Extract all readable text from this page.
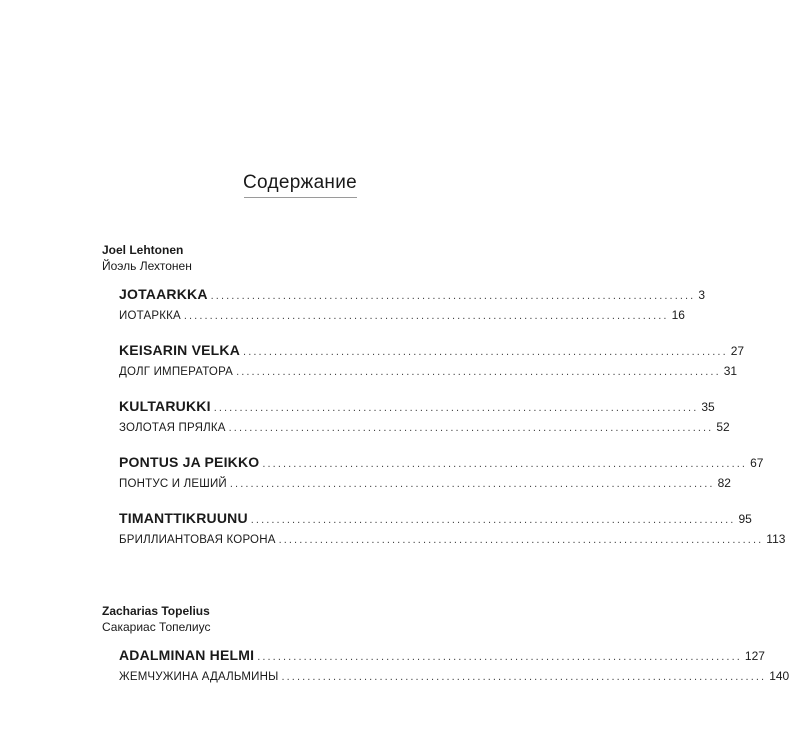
Содержание
Joel Lehtonen
Йоэль Лехтонен
JOTAARKKA .............................................................................................. 3
ИОТАРККА .............................................................................................. 16
KEISARIN VELKA .............................................................................................. 27
ДОЛГ ИМПЕРАТОРА .............................................................................................. 31
KULTARUKKI .............................................................................................. 35
ЗОЛОТАЯ ПРЯЛКА .............................................................................................. 52
PONTUS JA PEIKKO .............................................................................................. 67
ПОНТУС И ЛЕШИЙ .............................................................................................. 82
TIMANTTIKRUUNU .............................................................................................. 95
БРИЛЛИАНТОВАЯ КОРОНА .............................................................................................. 113
Zacharias Topelius
Сакариас Топелиус
ADALMINAN HELMI .............................................................................................. 127
ЖЕМЧУЖИНА АДАЛЬМИНЫ .............................................................................................. 140
